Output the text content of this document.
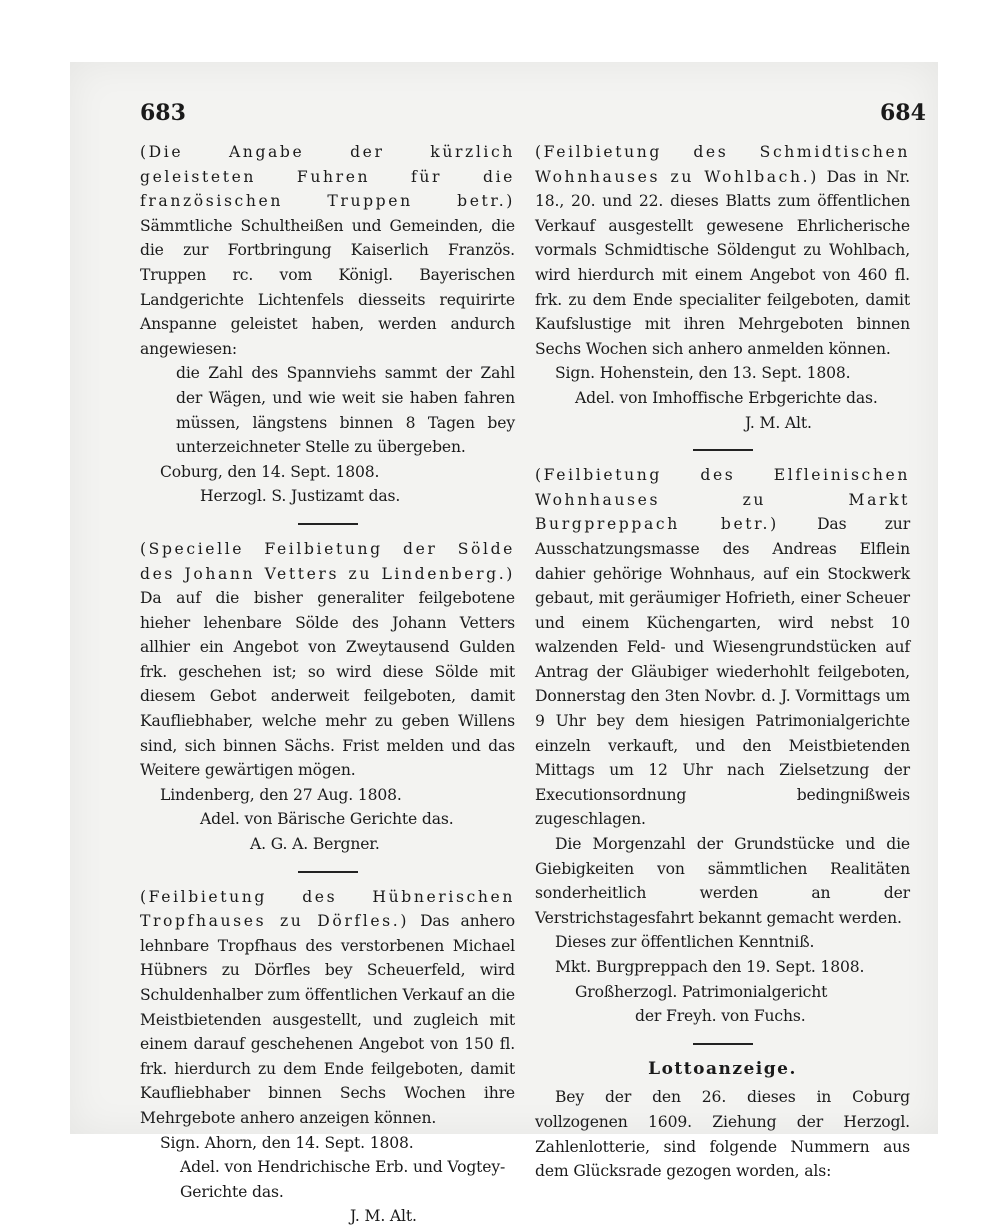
683	684

(Die Angabe der kürzlich geleisteten Fuhren für die französischen Truppen betr.) Sämmtliche Schultheißen und Gemeinden, die die zur Fortbringung Kaiserlich Französ. Truppen rc. vom Königl. Bayerischen Landgerichte Lichtenfels diesseits requirirte Anspanne geleistet haben, werden andurch angewiesen:

die Zahl des Spannviehs sammt der Zahl der Wägen, und wie weit sie haben fahren müssen, längstens binnen 8 Tagen bey unterzeichneter Stelle zu übergeben.

Coburg, den 14. Sept. 1808.

Herzogl. S. Justizamt das.

(Specielle Feilbietung der Sölde des Johann Vetters zu Lindenberg.) Da auf die bisher generaliter feilgebotene hieher lehenbare Sölde des Johann Vetters allhier ein Angebot von Zweytausend Gulden frk. geschehen ist; so wird diese Sölde mit diesem Gebot anderweit feilgeboten, damit Kaufliebhaber, welche mehr zu geben Willens sind, sich binnen Sächs. Frist melden und das Weitere gewärtigen mögen.

Lindenberg, den 27 Aug. 1808.

Adel. von Bärische Gerichte das.

A. G. A. Bergner.

(Feilbietung des Hübnerischen Tropfhauses zu Dörfles.) Das anhero lehnbare Tropfhaus des verstorbenen Michael Hübners zu Dörfles bey Scheuerfeld, wird Schuldenhalber zum öffentlichen Verkauf an die Meistbietenden ausgestellt, und zugleich mit einem darauf geschehenen Angebot von 150 fl. frk. hierdurch zu dem Ende feilgeboten, damit Kaufliebhaber binnen Sechs Wochen ihre Mehrgebote anhero anzeigen können.

Sign. Ahorn, den 14. Sept. 1808.

Adel. von Hendrichische Erb. und Vogtey-Gerichte das.

J. M. Alt.

(Feilbietung des Schmidtischen Wohnhauses zu Wohlbach.) Das in Nr. 18., 20. und 22. dieses Blatts zum öffentlichen Verkauf ausgestellt gewesene Ehrlicherische vormals Schmidtische Söldengut zu Wohlbach, wird hierdurch mit einem Angebot von 460 fl. frk. zu dem Ende specialiter feilgeboten, damit Kaufslustige mit ihren Mehrgeboten binnen Sechs Wochen sich anhero anmelden können.

Sign. Hohenstein, den 13. Sept. 1808.

Adel. von Imhoffische Erbgerichte das.

J. M. Alt.

(Feilbietung des Elfleinischen Wohnhauses zu Markt Burgpreppach betr.) Das zur Ausschatzungsmasse des Andreas Elflein dahier gehörige Wohnhaus, auf ein Stockwerk gebaut, mit geräumiger Hofrieth, einer Scheuer und einem Küchengarten, wird nebst 10 walzenden Feld- und Wiesengrundstücken auf Antrag der Gläubiger wiederhohlt feilgeboten, Donnerstag den 3ten Novbr. d. J. Vormittags um 9 Uhr bey dem hiesigen Patrimonialgerichte einzeln verkauft, und den Meistbietenden Mittags um 12 Uhr nach Zielsetzung der Executionsordnung bedingnißweis zugeschlagen.

Die Morgenzahl der Grundstücke und die Giebigkeiten von sämmtlichen Realitäten sonderheitlich werden an der Verstrichstagesfahrt bekannt gemacht werden.

Dieses zur öffentlichen Kenntniß.

Mkt. Burgpreppach den 19. Sept. 1808.

Großherzogl. Patrimonialgericht

der Freyh. von Fuchs.

Lottoanzeige.

Bey der den 26. dieses in Coburg vollzogenen 1609. Ziehung der Herzogl. Zahlenlotterie, sind folgende Nummern aus dem Glücksrade gezogen worden, als:
